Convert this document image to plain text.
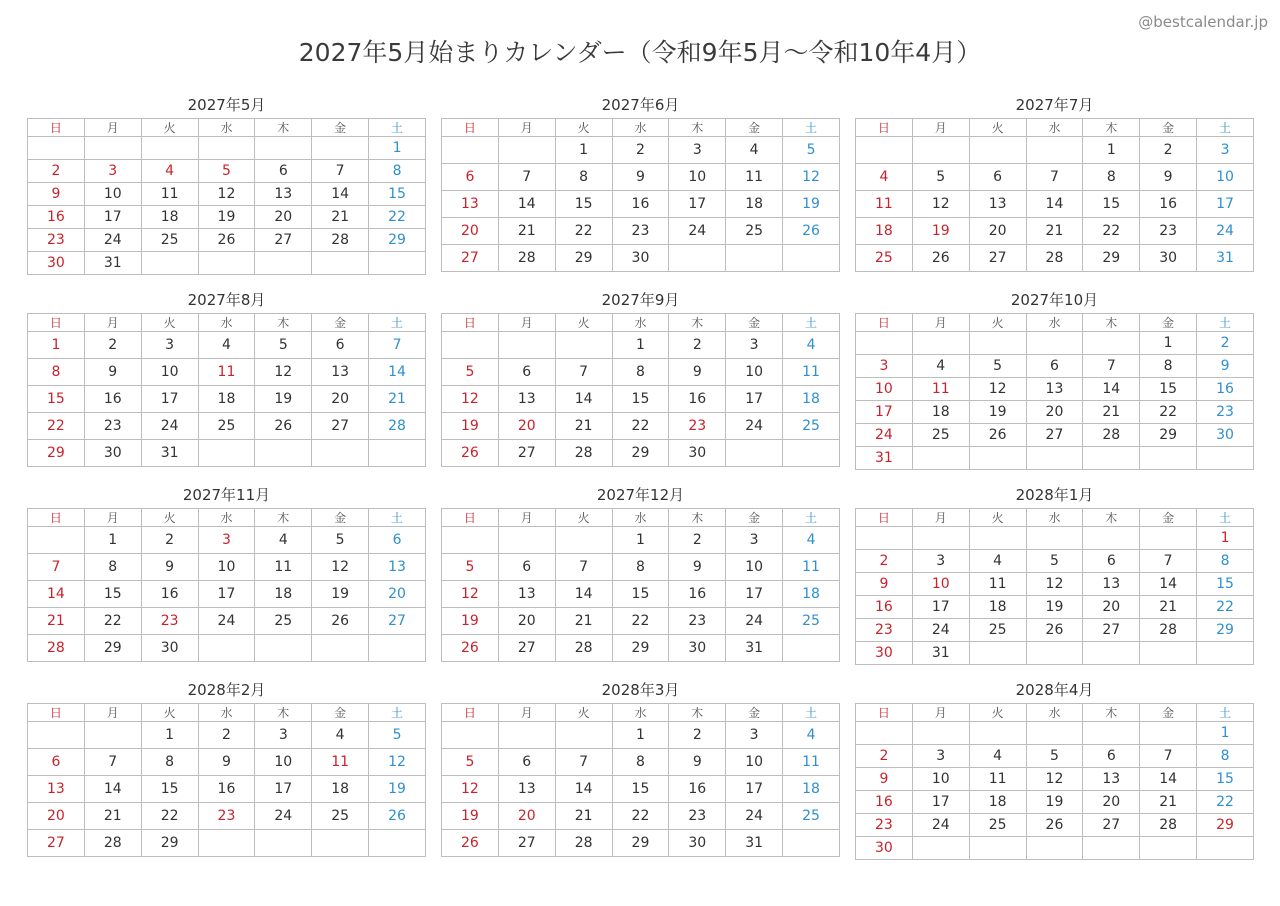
@bestcalendar.jp
2027年5月始まりカレンダー（令和9年5月〜令和10年4月）
2027年5月
日	月	火	水	木	金	土
						1
2	3	4	5	6	7	8
9	10	11	12	13	14	15
16	17	18	19	20	21	22
23	24	25	26	27	28	29
30	31					
2027年6月
日	月	火	水	木	金	土
		1	2	3	4	5
6	7	8	9	10	11	12
13	14	15	16	17	18	19
20	21	22	23	24	25	26
27	28	29	30			
2027年7月
日	月	火	水	木	金	土
				1	2	3
4	5	6	7	8	9	10
11	12	13	14	15	16	17
18	19	20	21	22	23	24
25	26	27	28	29	30	31
2027年8月
日	月	火	水	木	金	土
1	2	3	4	5	6	7
8	9	10	11	12	13	14
15	16	17	18	19	20	21
22	23	24	25	26	27	28
29	30	31				
2027年9月
日	月	火	水	木	金	土
			1	2	3	4
5	6	7	8	9	10	11
12	13	14	15	16	17	18
19	20	21	22	23	24	25
26	27	28	29	30		
2027年10月
日	月	火	水	木	金	土
					1	2
3	4	5	6	7	8	9
10	11	12	13	14	15	16
17	18	19	20	21	22	23
24	25	26	27	28	29	30
31						
2027年11月
日	月	火	水	木	金	土
	1	2	3	4	5	6
7	8	9	10	11	12	13
14	15	16	17	18	19	20
21	22	23	24	25	26	27
28	29	30				
2027年12月
日	月	火	水	木	金	土
			1	2	3	4
5	6	7	8	9	10	11
12	13	14	15	16	17	18
19	20	21	22	23	24	25
26	27	28	29	30	31	
2028年1月
日	月	火	水	木	金	土
						1
2	3	4	5	6	7	8
9	10	11	12	13	14	15
16	17	18	19	20	21	22
23	24	25	26	27	28	29
30	31					
2028年2月
日	月	火	水	木	金	土
		1	2	3	4	5
6	7	8	9	10	11	12
13	14	15	16	17	18	19
20	21	22	23	24	25	26
27	28	29				
2028年3月
日	月	火	水	木	金	土
			1	2	3	4
5	6	7	8	9	10	11
12	13	14	15	16	17	18
19	20	21	22	23	24	25
26	27	28	29	30	31	
2028年4月
日	月	火	水	木	金	土
						1
2	3	4	5	6	7	8
9	10	11	12	13	14	15
16	17	18	19	20	21	22
23	24	25	26	27	28	29
30						
